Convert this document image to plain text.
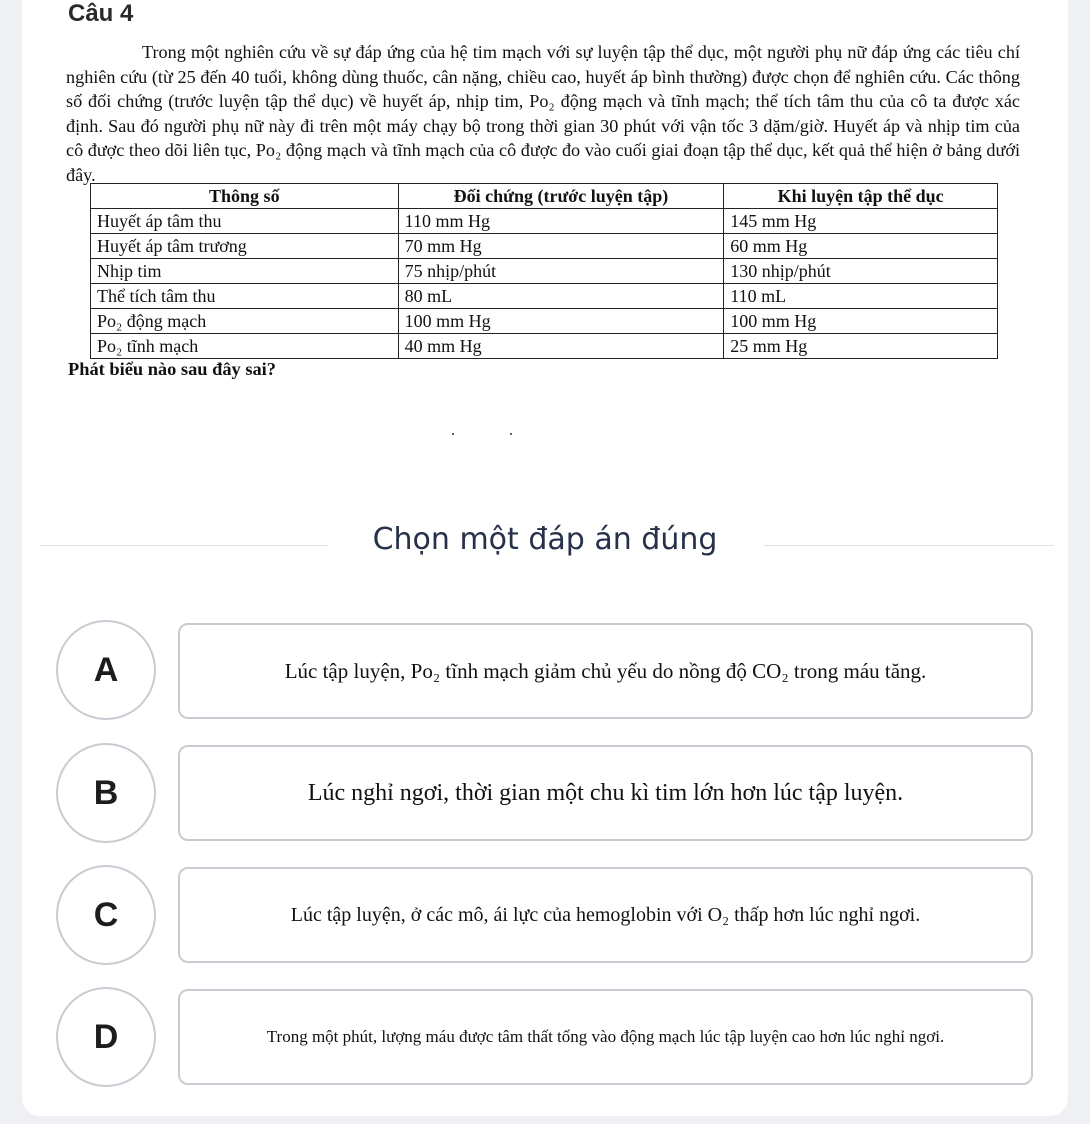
Câu 4

Trong một nghiên cứu về sự đáp ứng của hệ tim mạch với sự luyện tập thể dục, một người phụ nữ đáp ứng các tiêu chí nghiên cứu (từ 25 đến 40 tuổi, không dùng thuốc, cân nặng, chiều cao, huyết áp bình thường) được chọn để nghiên cứu. Các thông số đối chứng (trước luyện tập thể dục) về huyết áp, nhịp tim, Po₂ động mạch và tĩnh mạch; thể tích tâm thu của cô ta được xác định. Sau đó người phụ nữ này đi trên một máy chạy bộ trong thời gian 30 phút với vận tốc 3 dặm/giờ. Huyết áp và nhịp tim của cô được theo dõi liên tục, Po₂ động mạch và tĩnh mạch của cô được đo vào cuối giai đoạn tập thể dục, kết quả thể hiện ở bảng dưới đây.

Thông số	Đối chứng (trước luyện tập)	Khi luyện tập thể dục
Huyết áp tâm thu	110 mm Hg	145 mm Hg
Huyết áp tâm trương	70 mm Hg	60 mm Hg
Nhịp tim	75 nhịp/phút	130 nhịp/phút
Thể tích tâm thu	80 mL	110 mL
Po₂ động mạch	100 mm Hg	100 mm Hg
Po₂ tĩnh mạch	40 mm Hg	25 mm Hg
Phát biểu nào sau đây sai?
Chọn một đáp án đúng
A	Lúc tập luyện, Po₂ tĩnh mạch giảm chủ yếu do nồng độ CO₂ trong máu tăng.
B	Lúc nghỉ ngơi, thời gian một chu kì tim lớn hơn lúc tập luyện.
C	Lúc tập luyện, ở các mô, ái lực của hemoglobin với O₂ thấp hơn lúc nghỉ ngơi.
D	Trong một phút, lượng máu được tâm thất tống vào động mạch lúc tập luyện cao hơn lúc nghỉ ngơi.
